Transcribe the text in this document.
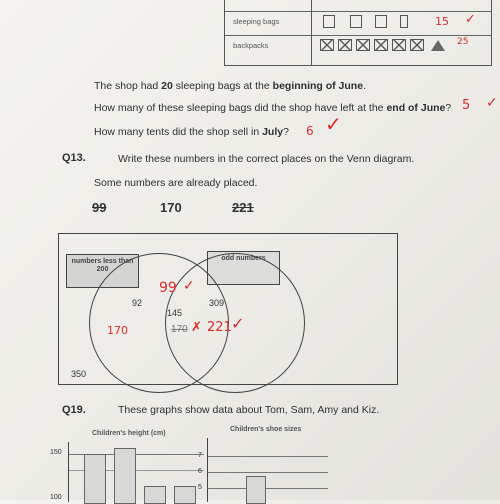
sleeping bags	15 ✓
backpacks	25
The shop had 20 sleeping bags at the beginning of June.
How many of these sleeping bags did the shop have left at the end of June? 5 ✓
How many tents did the shop sell in July? 6 ✓
Q13.	Write these numbers in the correct places on the Venn diagram.
Some numbers are already placed.
99	170	221
numbers less than 200
odd numbers
92
145
309
350
99 ✓
170	170 ✗ 221 ✓
Q19.	These graphs show data about Tom, Sam, Amy and Kiz.
Children's height (cm)
150
100
Children's shoe sizes
7
6
5
